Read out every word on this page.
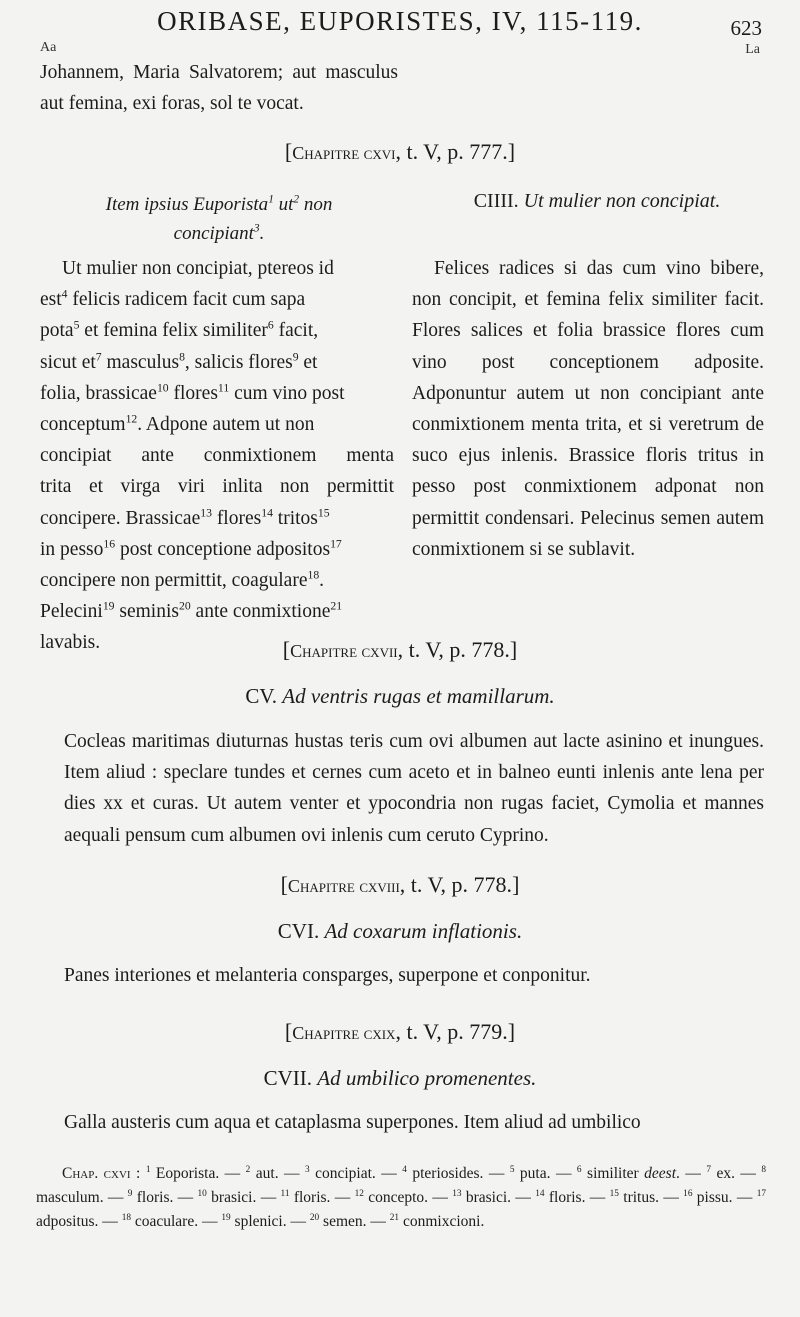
ORIBASE, EUPORISTES, IV, 115-119.	623
Aa	La

Johannem, Maria Salvatorem; aut masculus aut femina, exi foras, sol te vocat.

[Chapitre cxvi, t. V, p. 777.]
Item ipsius Euporista$^1$ $ut^2$ non
concipiant$^3$.
Ut mulier non concipiat, ptereos id
est$^4$ felicis radicem facit cum sapa
pota$^5$ et femina felix similiter$^6$ facit,
sicut $et^7$ masculus$^8$, salicis flores$^9$ et
folia, brassicae$^{10}$ flores$^{11}$ cum vino post
conceptum$^{12}$. Adpone autem ut non
concipiat ante conmixtionem menta
trita et virga viri inlita non permittit
concipere. Brassicae$^{13}$ flores$^{14}$ tritos$^{15}$
in pesso$^{16}$ post conceptione adpositos$^{17}$
concipere non permittit, coagulare$^{18}$.
Pelecini$^{19}$ seminis$^{20}$ ante conmixtione$^{21}$
lavabis.
CIIII. Ut mulier non concipiat.

Felices radices si das cum vino bibere, non concipit, et femina felix similiter facit. Flores salices et folia brassice flores cum vino post conceptionem adposite. Adponuntur autem ut non concipiant ante conmixtionem menta trita, et si veretrum de suco ejus inlenis. Brassice floris tritus in pesso post conmixtionem adponat non permittit condensari. Pelecinus semen autem conmixtionem si se sublavit.

[Chapitre cxvii, t. V, p. 778.]
CV. Ad ventris rugas et mamillarum.

Cocleas maritimas diuturnas hustas teris cum ovi albumen aut lacte asinino et inungues. Item aliud : speclare tundes et cernes cum aceto et in balneo eunti inlenis ante lena per dies xx et curas. Ut autem venter et ypocondria non rugas faciet, Cymolia et mannes aequali pensum cum albumen ovi inlenis cum ceruto Cyprino.

[Chapitre cxviii, t. V, p. 778.]
CVI. Ad coxarum inflationis.

Panes interiones et melanteria consparges, superpone et conponitur.

[Chapitre cxix, t. V, p. 779.]
CVII. Ad umbilico promenentes.

Galla austeris cum aqua et cataplasma superpones. Item aliud ad umbilico

Chap. cxvi : $^1$ Eoporista. — $^2$ aut. — $^3$ concipiat. — $^4$ pteriosides. — $^5$ puta. — $^6$ similiter deest. — $^7$ ex. — $^8$ masculum. — $^9$ floris. — $^{10}$ brasici. — $^{11}$ floris. — $^{12}$ concepto. — $^{13}$ brasici. — $^{14}$ floris. — $^{15}$ tritus. — $^{16}$ pissu. — $^{17}$ adpositus. — $^{18}$ coaculare. — $^{19}$ splenici. — $^{20}$ semen. — $^{21}$ conmixcioni.
